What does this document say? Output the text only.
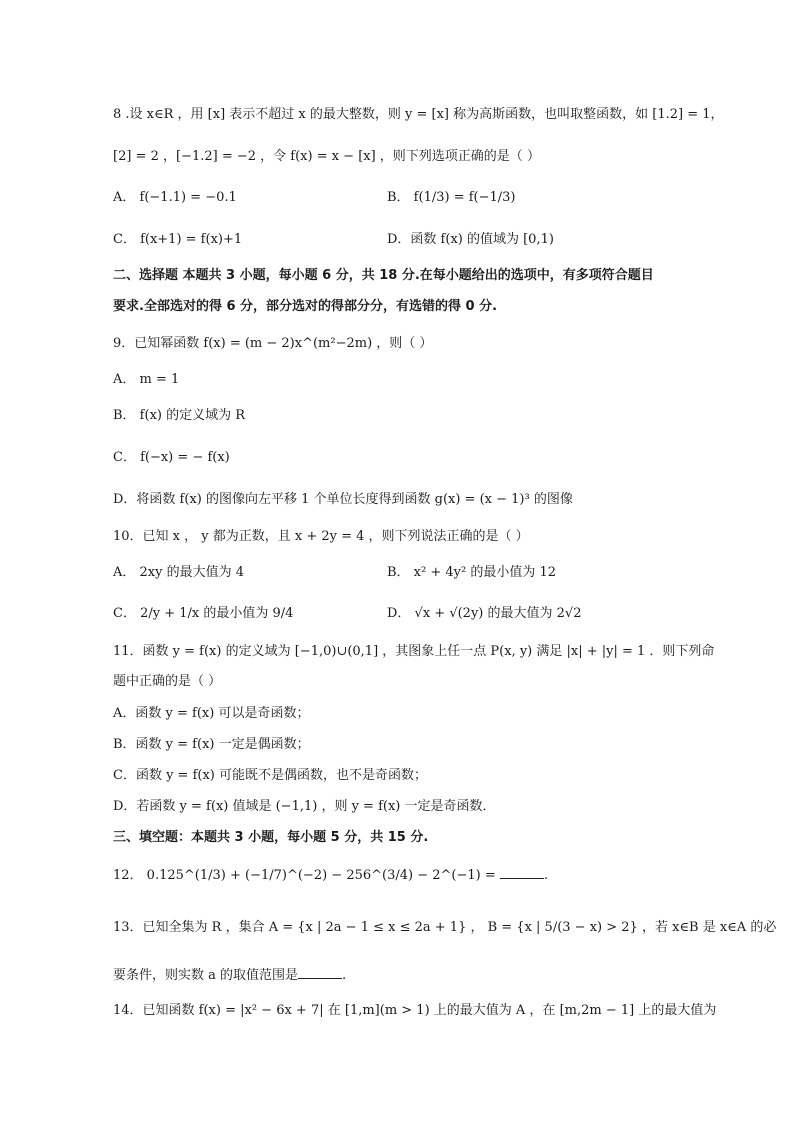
8 .设 x∈R ，用 [x] 表示不超过 x 的最大整数，则 y = [x] 称为高斯函数，也叫取整函数，如 [1.2] = 1，
[2] = 2 ，[−1.2] = −2 ，令 f(x) = x − [x] ，则下列选项正确的是（ ）
A． f(−1.1) = −0.1	B． f(1/3) = f(−1/3)
C． f(x+1) = f(x)+1	D．函数 f(x) 的值域为 [0,1)
二、选择题 本题共 3 小题，每小题 6 分，共 18 分.在每小题给出的选项中，有多项符合题目
要求.全部选对的得 6 分，部分选对的得部分分，有选错的得 0 分.
9．已知幂函数 f(x) = (m − 2)x^(m²−2m) ，则（ ）
A． m = 1
B． f(x) 的定义域为 R
C． f(−x) = − f(x)
D．将函数 f(x) 的图像向左平移 1 个单位长度得到函数 g(x) = (x − 1)³ 的图像
10．已知 x ， y 都为正数，且 x + 2y = 4 ，则下列说法正确的是（ ）
A． 2xy 的最大值为 4	B． x² + 4y² 的最小值为 12
C． 2/y + 1/x 的最小值为 9/4	D． √x + √(2y) 的最大值为 2√2
11．函数 y = f(x) 的定义域为 [−1,0)∪(0,1] ，其图象上任一点 P(x, y) 满足 |x| + |y| = 1 ．则下列命
题中正确的是（ ）
A．函数 y = f(x) 可以是奇函数；
B．函数 y = f(x) 一定是偶函数；
C．函数 y = f(x) 可能既不是偶函数，也不是奇函数；
D．若函数 y = f(x) 值域是 (−1,1) ，则 y = f(x) 一定是奇函数．
三、填空题：本题共 3 小题，每小题 5 分，共 15 分.
12． 0.125^(1/3) + (−1/7)^(−2) − 256^(3/4) − 2^(−1) =	.
13．已知全集为 R ，集合 A = {x | 2a − 1 ≤ x ≤ 2a + 1} ， B = {x | 5/(3 − x) > 2} ，若 x∈B 是 x∈A 的必
要条件，则实数 a 的取值范围是	.
14．已知函数 f(x) = |x² − 6x + 7| 在 [1,m](m > 1) 上的最大值为 A ，在 [m,2m − 1] 上的最大值为
